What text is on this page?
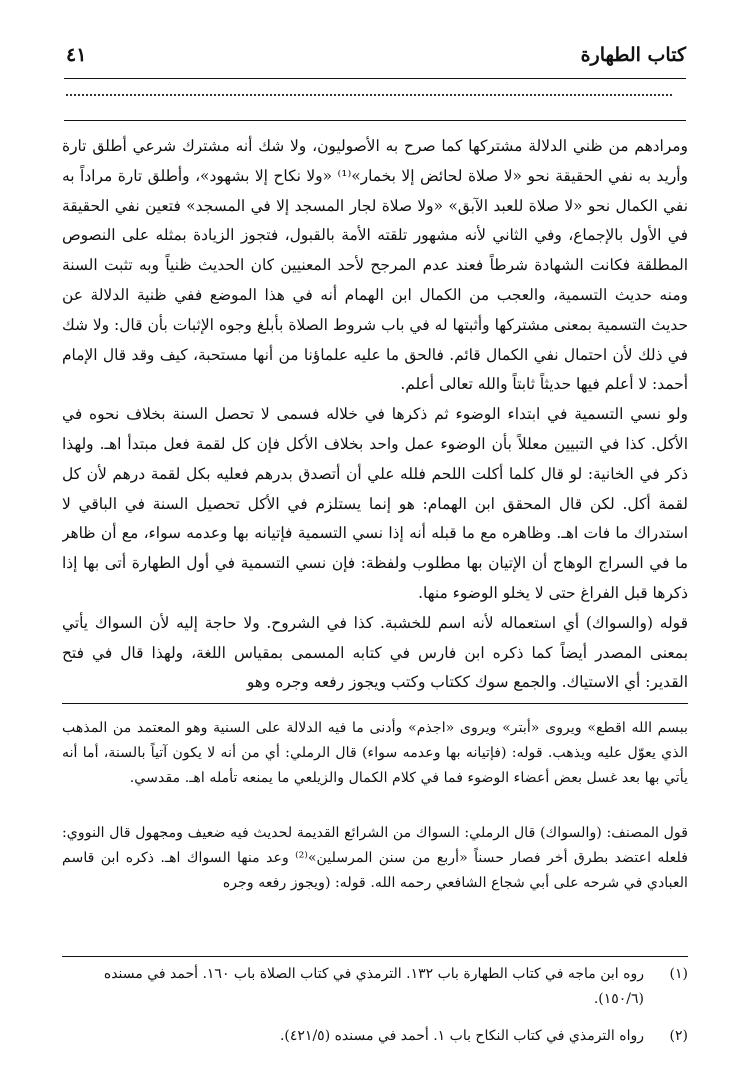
كتاب الطهارة
٤١

ومرادهم من ظني الدلالة مشتركها كما صرح به الأصوليون، ولا شك أنه مشترك شرعي أطلق تارة وأريد به نفي الحقيقة نحو «لا صلاة لحائض إلا بخمار»⁽¹⁾ «ولا نكاح إلا بشهود»، وأطلق تارة مراداً به نفي الكمال نحو «لا صلاة للعبد الآبق» «ولا صلاة لجار المسجد إلا في المسجد» فتعين نفي الحقيقة في الأول بالإجماع، وفي الثاني لأنه مشهور تلقته الأمة بالقبول، فتجوز الزيادة بمثله على النصوص المطلقة فكانت الشهادة شرطاً فعند عدم المرجح لأحد المعنيين كان الحديث ظنياً وبه تثبت السنة ومنه حديث التسمية، والعجب من الكمال ابن الهمام أنه في هذا الموضع ففي ظنية الدلالة عن حديث التسمية بمعنى مشتركها وأثبتها له في باب شروط الصلاة بأبلغ وجوه الإثبات بأن قال: ولا شك في ذلك لأن احتمال نفي الكمال قائم. فالحق ما عليه علماؤنا من أنها مستحبة، كيف وقد قال الإمام أحمد: لا أعلم فيها حديثاً ثابتاً والله تعالى أعلم.

ولو نسي التسمية في ابتداء الوضوء ثم ذكرها في خلاله فسمى لا تحصل السنة بخلاف نحوه في الأكل. كذا في التبيين معللاً بأن الوضوء عمل واحد بخلاف الأكل فإن كل لقمة فعل مبتدأ اهـ. ولهذا ذكر في الخانية: لو قال كلما أكلت اللحم فلله علي أن أتصدق بدرهم فعليه بكل لقمة درهم لأن كل لقمة أكل. لكن قال المحقق ابن الهمام: هو إنما يستلزم في الأكل تحصيل السنة في الباقي لا استدراك ما فات اهـ. وظاهره مع ما قبله أنه إذا نسي التسمية فإتيانه بها وعدمه سواء، مع أن ظاهر ما في السراج الوهاج أن الإتيان بها مطلوب ولفظة: فإن نسي التسمية في أول الطهارة أتى بها إذا ذكرها قبل الفراغ حتى لا يخلو الوضوء منها.

قوله (والسواك) أي استعماله لأنه اسم للخشبة. كذا في الشروح. ولا حاجة إليه لأن السواك يأتي بمعنى المصدر أيضاً كما ذكره ابن فارس في كتابه المسمى بمقياس اللغة، ولهذا قال في فتح القدير: أي الاستياك. والجمع سوك ككتاب وكتب ويجوز رفعه وجره وهو

ببسم الله اقطع» ويروى «أبتر» ويروى «اجذم» وأدنى ما فيه الدلالة على السنية وهو المعتمد من المذهب الذي يعوّل عليه ويذهب. قوله: (فإتيانه بها وعدمه سواء) قال الرملي: أي من أنه لا يكون آتياً بالسنة، أما أنه يأتي بها بعد غسل بعض أعضاء الوضوء فما في كلام الكمال والزيلعي ما يمنعه تأمله اهـ. مقدسي.

قول المصنف: (والسواك) قال الرملي: السواك من الشرائع القديمة لحديث فيه ضعيف ومجهول قال النووي: فلعله اعتضد بطرق أخر فصار حسناً «أربع من سنن المرسلين»⁽²⁾ وعد منها السواك اهـ. ذكره ابن قاسم العبادي في شرحه على أبي شجاع الشافعي رحمه الله. قوله: (ويجوز رفعه وجره

(١)
روه ابن ماجه في كتاب الطهارة باب ١٣٢. الترمذي في كتاب الصلاة باب ١٦٠. أحمد في مسنده (١٥٠/٦).
(٢)
رواه الترمذي في كتاب النكاح باب ١. أحمد في مسنده (٤٢١/٥).
